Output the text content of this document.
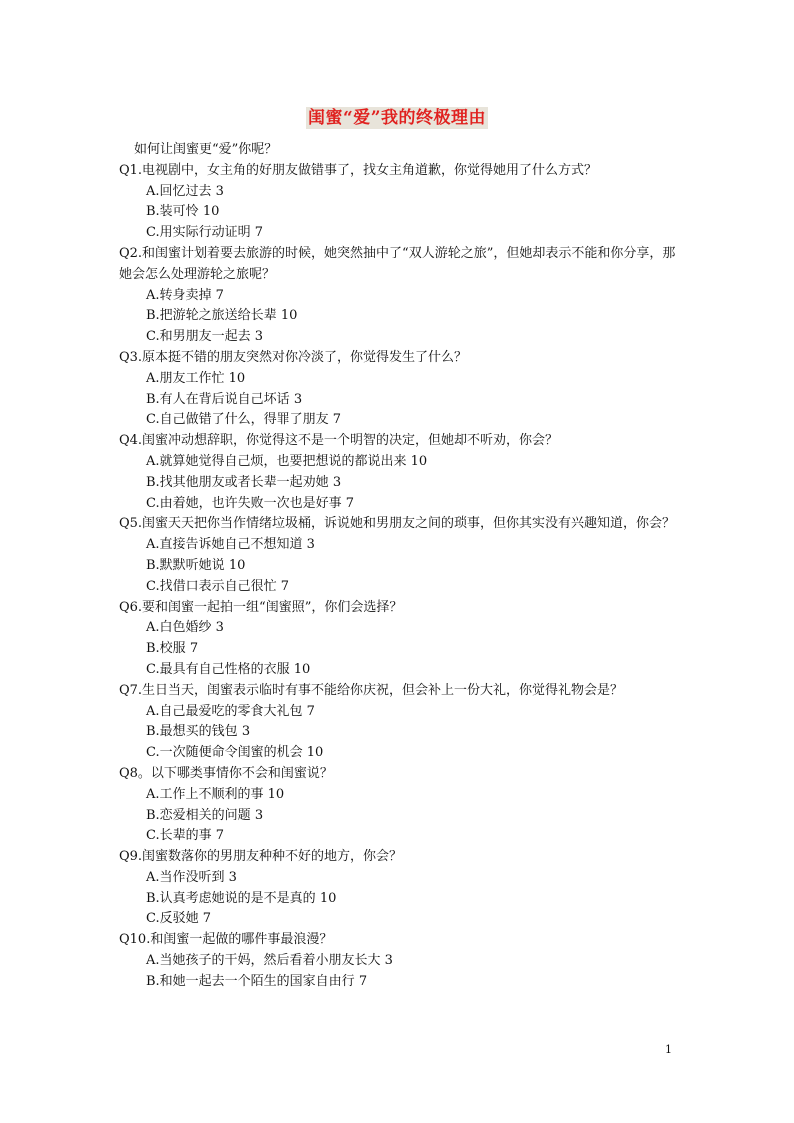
闺蜜“爱”我的终极理由
如何让闺蜜更“爱”你呢？
Q1.电视剧中，女主角的好朋友做错事了，找女主角道歉，你觉得她用了什么方式？
A.回忆过去 3
B.装可怜 10
C.用实际行动证明 7
Q2.和闺蜜计划着要去旅游的时候，她突然抽中了“双人游轮之旅”，但她却表示不能和你分享，那她会怎么处理游轮之旅呢？
A.转身卖掉 7
B.把游轮之旅送给长辈 10
C.和男朋友一起去 3
Q3.原本挺不错的朋友突然对你冷淡了，你觉得发生了什么？
A.朋友工作忙 10
B.有人在背后说自己坏话 3
C.自己做错了什么，得罪了朋友 7
Q4.闺蜜冲动想辞职，你觉得这不是一个明智的决定，但她却不听劝，你会？
A.就算她觉得自己烦，也要把想说的都说出来 10
B.找其他朋友或者长辈一起劝她 3
C.由着她，也许失败一次也是好事 7
Q5.闺蜜天天把你当作情绪垃圾桶，诉说她和男朋友之间的琐事，但你其实没有兴趣知道，你会？
A.直接告诉她自己不想知道 3
B.默默听她说 10
C.找借口表示自己很忙 7
Q6.要和闺蜜一起拍一组“闺蜜照”，你们会选择？
A.白色婚纱 3
B.校服 7
C.最具有自己性格的衣服 10
Q7.生日当天，闺蜜表示临时有事不能给你庆祝，但会补上一份大礼，你觉得礼物会是？
A.自己最爱吃的零食大礼包 7
B.最想买的钱包 3
C.一次随便命令闺蜜的机会 10
Q8。以下哪类事情你不会和闺蜜说？
A.工作上不顺利的事 10
B.恋爱相关的问题 3
C.长辈的事 7
Q9.闺蜜数落你的男朋友种种不好的地方，你会？
A.当作没听到 3
B.认真考虑她说的是不是真的 10
C.反驳她 7
Q10.和闺蜜一起做的哪件事最浪漫？
A.当她孩子的干妈，然后看着小朋友长大 3
B.和她一起去一个陌生的国家自由行 7
1
